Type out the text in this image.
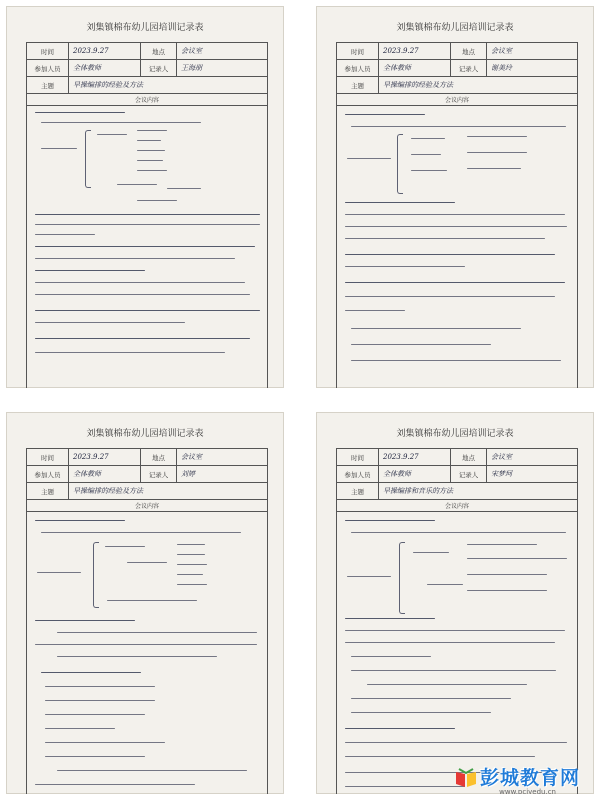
刘集镇棉布幼儿园培训记录表
时间	2023.9.27	地点	会议室
参加人员	全体教师	记录人	王海朋
主题	早操编排的经验及方法
会议内容
刘集镇棉布幼儿园培训记录表
时间	2023.9.27	地点	会议室
参加人员	全体教师	记录人	谢美玲
主题	早操编排的经验及方法
会议内容
刘集镇棉布幼儿园培训记录表
时间	2023.9.27	地点	会议室
参加人员	全体教师	记录人	刘婷
主题	早操编排的经验及方法
会议内容
刘集镇棉布幼儿园培训记录表
时间	2023.9.27	地点	会议室
参加人员	全体教师	记录人	宋梦珂
主题	早操编排和音乐的方法
会议内容
彭城教育网
www.pcjyedu.cn
